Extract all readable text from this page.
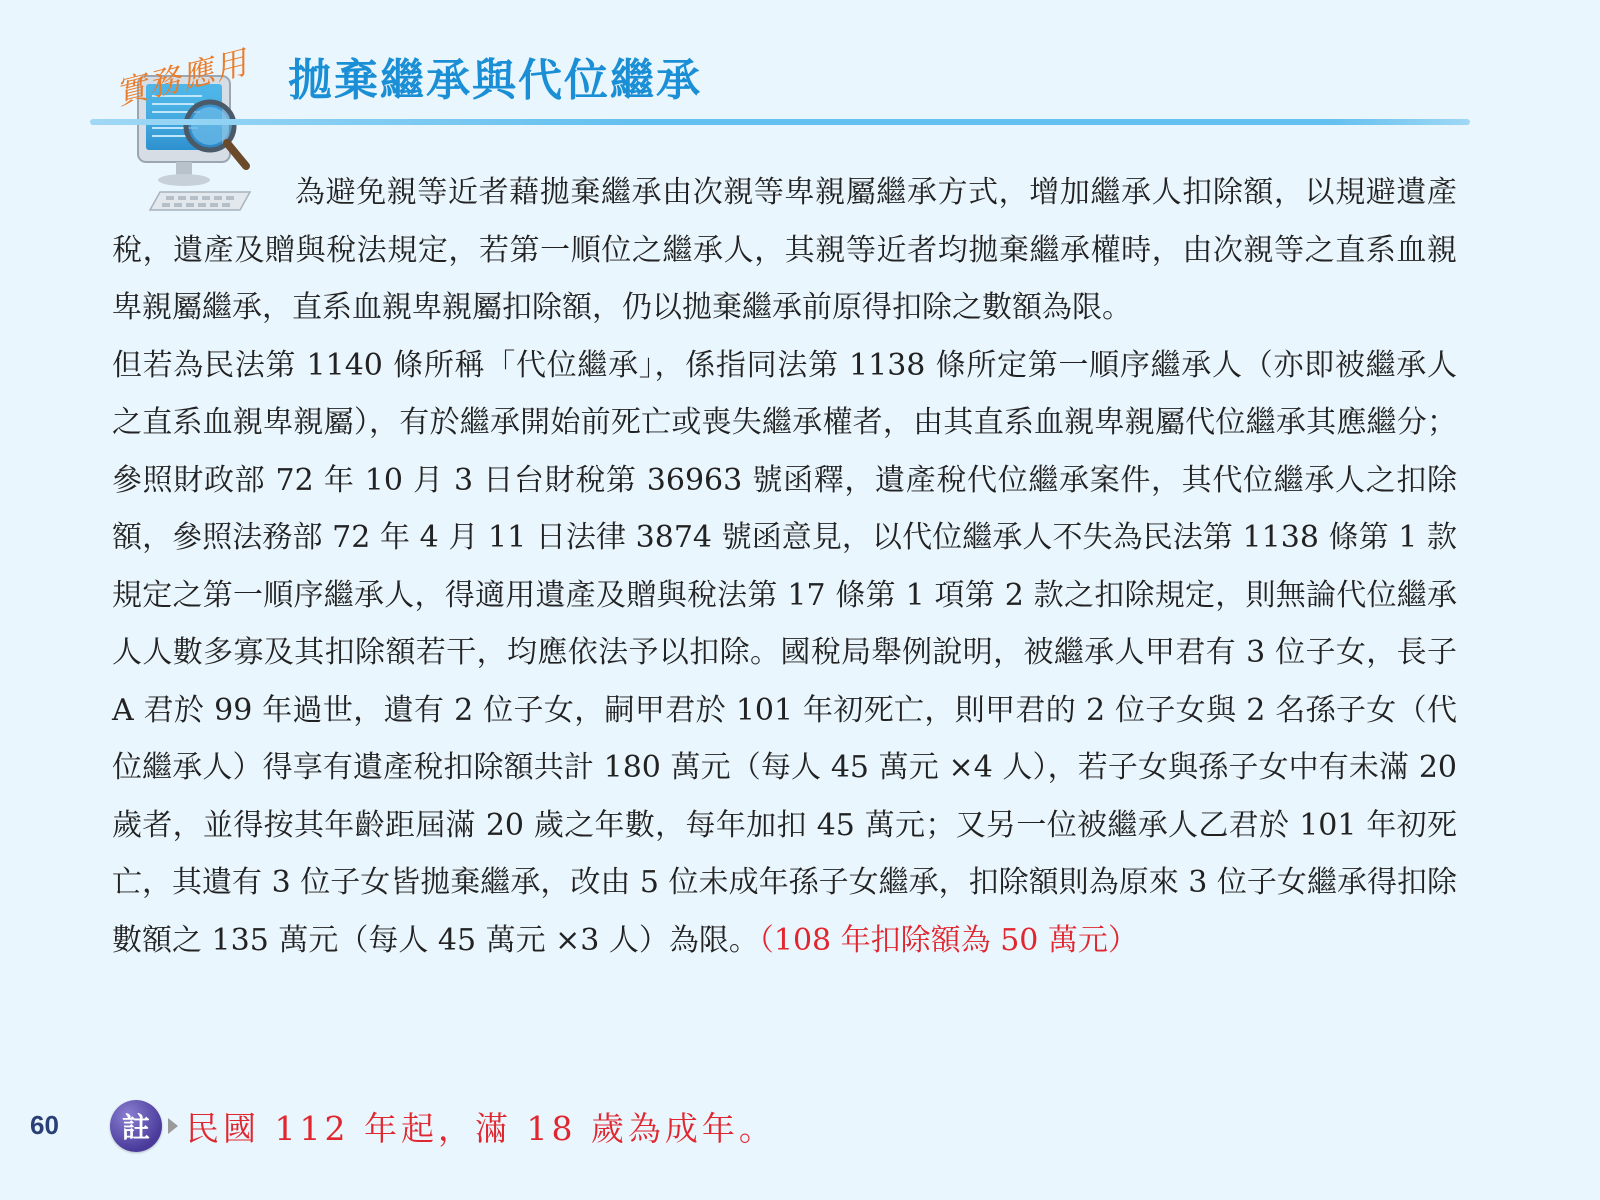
實務應用 拋棄繼承與代位繼承

為避免親等近者藉拋棄繼承由次親等卑親屬繼承方式，增加繼承人扣除額，以規避遺產稅，遺產及贈與稅法規定，若第一順位之繼承人，其親等近者均拋棄繼承權時，由次親等之直系血親卑親屬繼承，直系血親卑親屬扣除額，仍以拋棄繼承前原得扣除之數額為限。

但若為民法第 1140 條所稱「代位繼承」，係指同法第 1138 條所定第一順序繼承人（亦即被繼承人之直系血親卑親屬），有於繼承開始前死亡或喪失繼承權者，由其直系血親卑親屬代位繼承其應繼分；參照財政部 72 年 10 月 3 日台財稅第 36963 號函釋，遺產稅代位繼承案件，其代位繼承人之扣除額，參照法務部 72 年 4 月 11 日法律 3874 號函意見，以代位繼承人不失為民法第 1138 條第 1 款規定之第一順序繼承人，得適用遺產及贈與稅法第 17 條第 1 項第 2 款之扣除規定，則無論代位繼承人人數多寡及其扣除額若干，均應依法予以扣除。國稅局舉例說明，被繼承人甲君有 3 位子女，長子 A 君於 99 年過世，遺有 2 位子女，嗣甲君於 101 年初死亡，則甲君的 2 位子女與 2 名孫子女（代位繼承人）得享有遺產稅扣除額共計 180 萬元（每人 45 萬元 ×4 人），若子女與孫子女中有未滿 20 歲者，並得按其年齡距屆滿 20 歲之年數，每年加扣 45 萬元；又另一位被繼承人乙君於 101 年初死亡，其遺有 3 位子女皆拋棄繼承，改由 5 位未成年孫子女繼承，扣除額則為原來 3 位子女繼承得扣除數額之 135 萬元（每人 45 萬元 ×3 人）為限。（108 年扣除額為 50 萬元）

60	註	民國 112 年起，滿 18 歲為成年。
